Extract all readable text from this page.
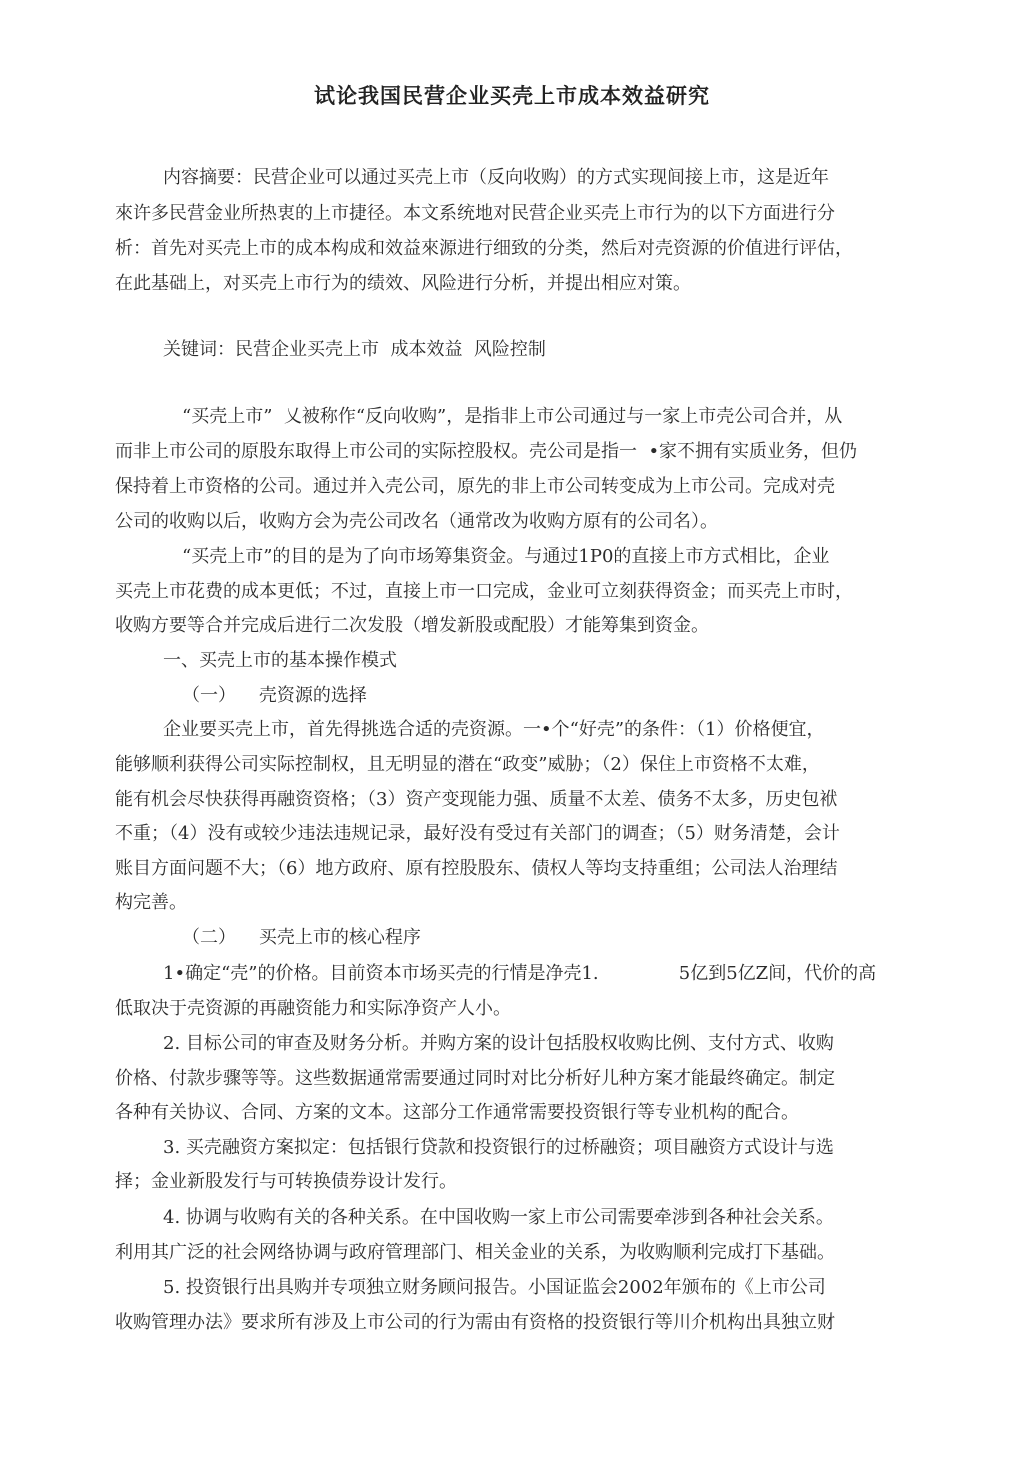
试论我国民营企业买壳上市成本效益研究
内容摘要：民营企业可以通过买壳上市（反向收购）的方式实现间接上市，这是近年
來许多民营金业所热衷的上市捷径。本文系统地对民营企业买壳上市行为的以下方面进行分
析：首先对买壳上市的成本构成和效益來源进行细致的分类，然后对壳资源的价值进行评估，
在此基础上，对买壳上市行为的绩效、风险进行分析，并提出相应对策。
关键词：民营企业买壳上市  成本效益  风险控制
“买壳上市”  乂被称作“反向收购”，是指非上市公司通过与一家上市壳公司合并，从
而非上市公司的原股东取得上市公司的实际控股权。壳公司是指一  •家不拥有实质业务，但仍
保持着上市资格的公司。通过并入壳公司，原先的非上市公司转变成为上市公司。完成对壳
公司的收购以后，收购方会为壳公司改名（通常改为收购方原有的公司名）。
“买壳上市”的目的是为了向市场筹集资金。与通过1P0的直接上市方式相比，企业
买壳上市花费的成本更低；不过，直接上市一口完成，金业可立刻获得资金；而买壳上市时，
收购方要等合并完成后进行二次发股（增发新股或配股）才能筹集到资金。
一、买壳上市的基本操作模式
（一）    壳资源的选择
企业要买壳上市，首先得挑选合适的壳资源。一•个“好壳”的条件：（1）价格便宜，
能够顺利获得公司实际控制权，且无明显的潜在“政变”威胁；（2）保住上市资格不太难，
能有机会尽快获得再融资资格；（3）资产变现能力强、质量不太差、债务不太多，历史包袱
不重；（4）没有或较少违法违规记录，最好没有受过有关部门的调查；（5）财务清楚，会计
账目方面问题不大；（6）地方政府、原有控股股东、债权人等均支持重组；公司法人治理结
构完善。
（二）    买壳上市的核心程序
1•确定“壳”的价格。目前资本市场买壳的行情是净壳1.              5亿到5亿Z间，代价的高
低取决于壳资源的再融资能力和实际净资产人小。
2. 目标公司的审查及财务分析。并购方案的设计包括股权收购比例、支付方式、收购
价格、付款步骤等等。这些数据通常需要通过同时对比分析好儿种方案才能最终确定。制定
各种有关协议、合同、方案的文本。这部分工作通常需要投资银行等专业机构的配合。
3. 买壳融资方案拟定：包括银行贷款和投资银行的过桥融资；项目融资方式设计与选
择；金业新股发行与可转换债券设计发行。
4. 协调与收购有关的各种关系。在中国收购一家上市公司需要牵涉到各种社会关系。
利用其广泛的社会网络协调与政府管理部门、相关金业的关系，为收购顺利完成打下基础。
5. 投资银行出具购并专项独立财务顾问报告。小国证监会2002年颁布的《上市公司
收购管理办法》要求所有涉及上市公司的行为需由有资格的投资银行等川介机构出具独立财
